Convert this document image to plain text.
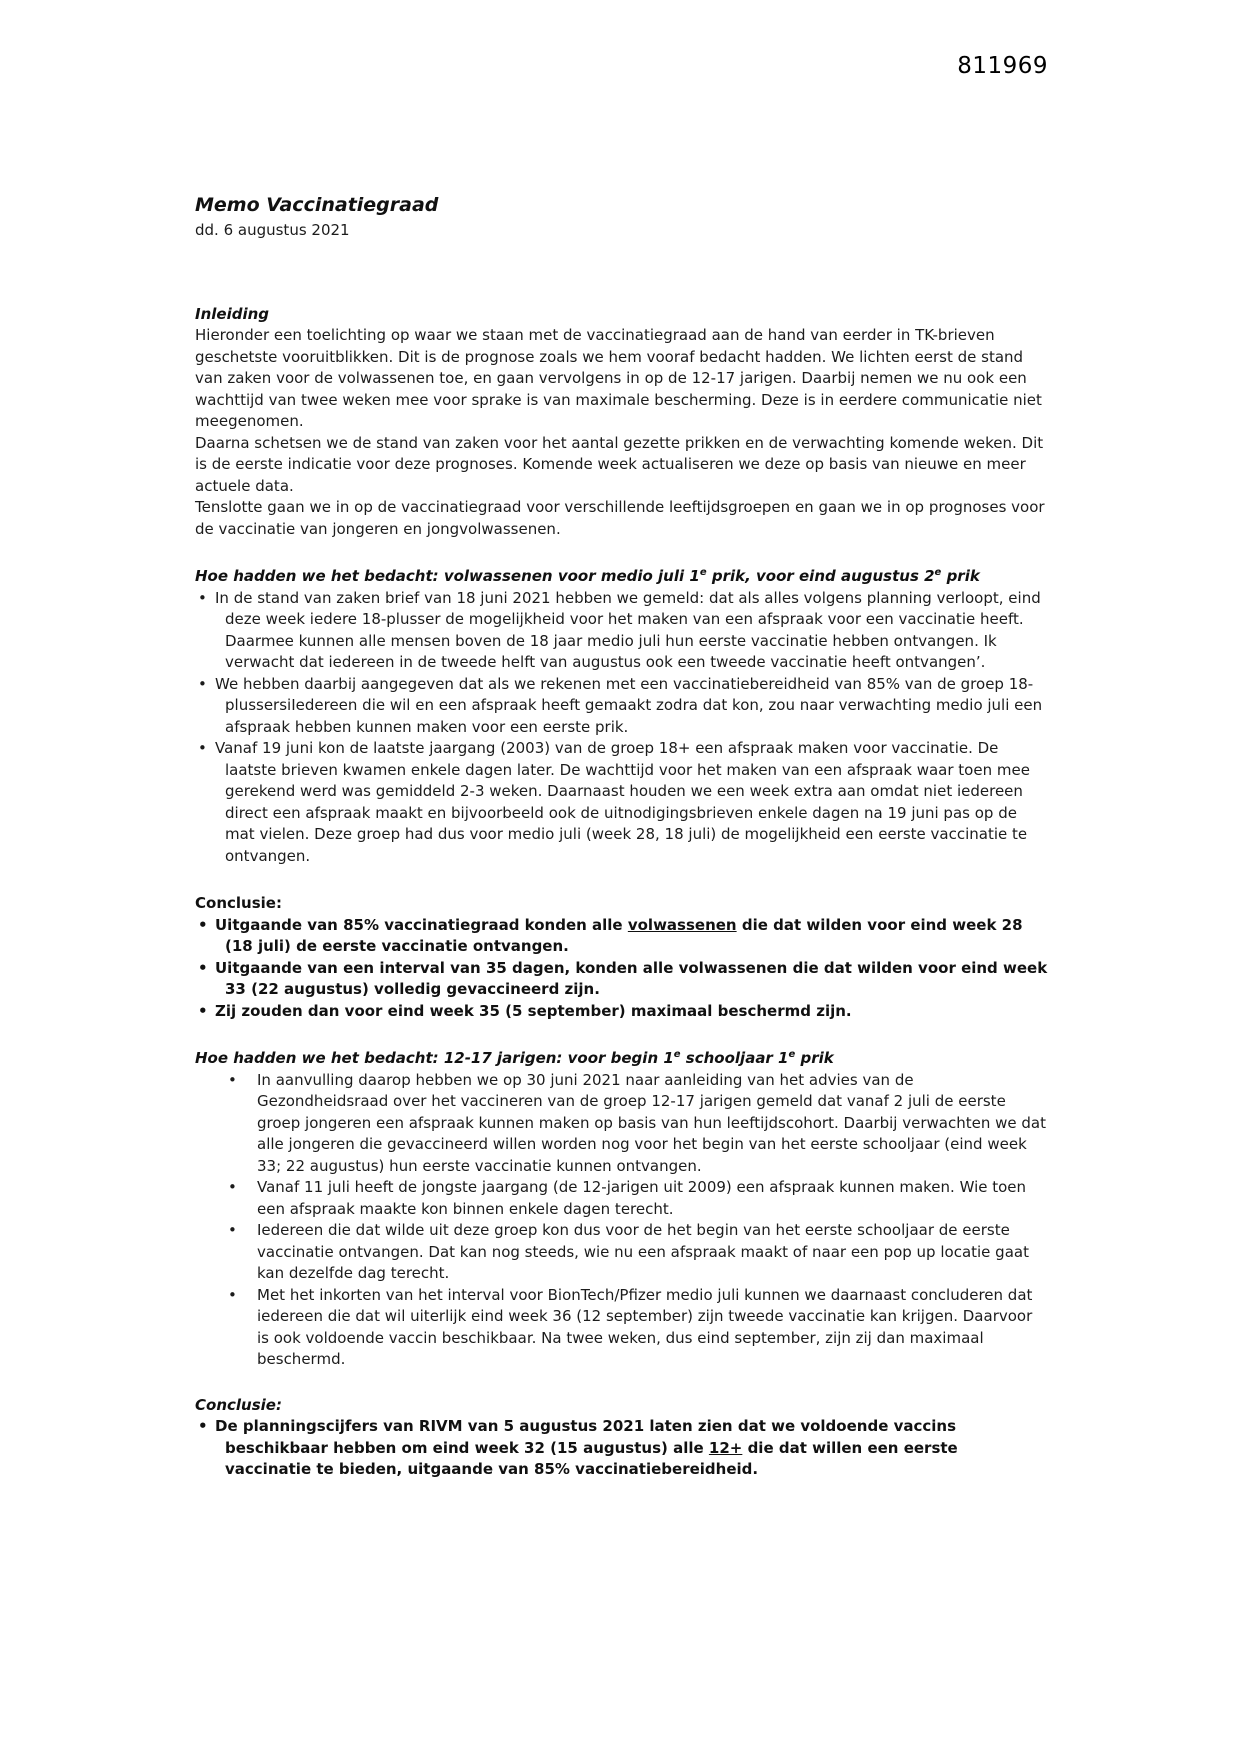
811969
Memo Vaccinatiegraad
dd. 6 augustus 2021
Inleiding

Hieronder een toelichting op waar we staan met de vaccinatiegraad aan de hand van eerder in TK-brieven geschetste vooruitblikken. Dit is de prognose zoals we hem vooraf bedacht hadden. We lichten eerst de stand van zaken voor de volwassenen toe, en gaan vervolgens in op de 12-17 jarigen. Daarbij nemen we nu ook een wachttijd van twee weken mee voor sprake is van maximale bescherming. Deze is in eerdere communicatie niet meegenomen.

Daarna schetsen we de stand van zaken voor het aantal gezette prikken en de verwachting komende weken. Dit is de eerste indicatie voor deze prognoses. Komende week actualiseren we deze op basis van nieuwe en meer actuele data.

Tenslotte gaan we in op de vaccinatiegraad voor verschillende leeftijdsgroepen en gaan we in op prognoses voor de vaccinatie van jongeren en jongvolwassenen.

Hoe hadden we het bedacht: volwassenen voor medio juli 1e prik, voor eind augustus 2e prik
• In de stand van zaken brief van 18 juni 2021 hebben we gemeld: dat als alles volgens planning verloopt, eind deze week iedere 18-plusser de mogelijkheid voor het maken van een afspraak voor een vaccinatie heeft. Daarmee kunnen alle mensen boven de 18 jaar medio juli hun eerste vaccinatie hebben ontvangen. Ik verwacht dat iedereen in de tweede helft van augustus ook een tweede vaccinatie heeft ontvangen’.
• We hebben daarbij aangegeven dat als we rekenen met een vaccinatiebereidheid van 85% van de groep 18-plussersiIedereen die wil en een afspraak heeft gemaakt zodra dat kon, zou naar verwachting medio juli een afspraak hebben kunnen maken voor een eerste prik.
• Vanaf 19 juni kon de laatste jaargang (2003) van de groep 18+ een afspraak maken voor vaccinatie. De laatste brieven kwamen enkele dagen later. De wachttijd voor het maken van een afspraak waar toen mee gerekend werd was gemiddeld 2-3 weken. Daarnaast houden we een week extra aan omdat niet iedereen direct een afspraak maakt en bijvoorbeeld ook de uitnodigingsbrieven enkele dagen na 19 juni pas op de mat vielen. Deze groep had dus voor medio juli (week 28, 18 juli) de mogelijkheid een eerste vaccinatie te ontvangen.
Conclusie:
• Uitgaande van 85% vaccinatiegraad konden alle volwassenen die dat wilden voor eind week 28 (18 juli) de eerste vaccinatie ontvangen.
• Uitgaande van een interval van 35 dagen, konden alle volwassenen die dat wilden voor eind week 33 (22 augustus) volledig gevaccineerd zijn.
• Zij zouden dan voor eind week 35 (5 september) maximaal beschermd zijn.
Hoe hadden we het bedacht: 12-17 jarigen: voor begin 1e schooljaar 1e prik
• In aanvulling daarop hebben we op 30 juni 2021 naar aanleiding van het advies van de Gezondheidsraad over het vaccineren van de groep 12-17 jarigen gemeld dat vanaf 2 juli de eerste groep jongeren een afspraak kunnen maken op basis van hun leeftijdscohort. Daarbij verwachten we dat alle jongeren die gevaccineerd willen worden nog voor het begin van het eerste schooljaar (eind week 33; 22 augustus) hun eerste vaccinatie kunnen ontvangen.
• Vanaf 11 juli heeft de jongste jaargang (de 12-jarigen uit 2009) een afspraak kunnen maken. Wie toen een afspraak maakte kon binnen enkele dagen terecht.
• Iedereen die dat wilde uit deze groep kon dus voor de het begin van het eerste schooljaar de eerste vaccinatie ontvangen. Dat kan nog steeds, wie nu een afspraak maakt of naar een pop up locatie gaat kan dezelfde dag terecht.
• Met het inkorten van het interval voor BionTech/Pfizer medio juli kunnen we daarnaast concluderen dat iedereen die dat wil uiterlijk eind week 36 (12 september) zijn tweede vaccinatie kan krijgen. Daarvoor is ook voldoende vaccin beschikbaar. Na twee weken, dus eind september, zijn zij dan maximaal beschermd.
Conclusie:
• De planningscijfers van RIVM van 5 augustus 2021 laten zien dat we voldoende vaccins beschikbaar hebben om eind week 32 (15 augustus) alle 12+ die dat willen een eerste vaccinatie te bieden, uitgaande van 85% vaccinatiebereidheid.
